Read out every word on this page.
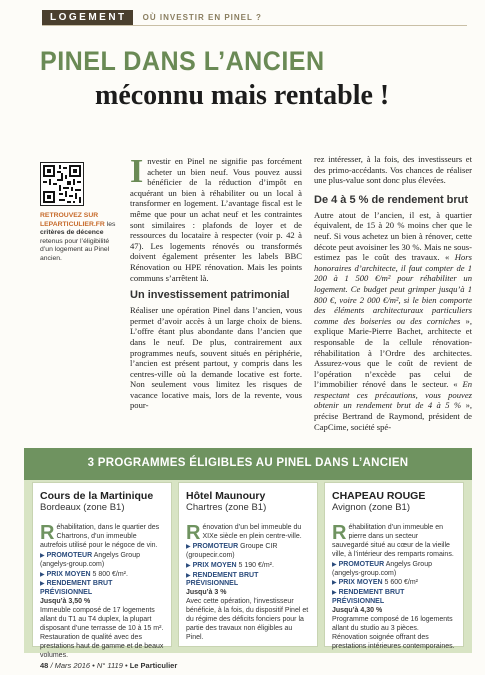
LOGEMENT	OÙ INVESTIR EN PINEL ?
PINEL DANS L’ANCIEN
méconnu mais rentable !
RETROUVEZ SUR LEPARTICULIER.FR les critères de décence retenus pour l’éligibilité d’un logement au Pinel ancien.

Investir en Pinel ne signifie pas forcément acheter un bien neuf. Vous pouvez aussi bénéficier de la réduction d’impôt en acquérant un bien à réhabiliter ou un local à transformer en logement. L’avantage fiscal est le même que pour un achat neuf et les contraintes sont similaires : plafonds de loyer et de ressources du locataire à respecter (voir p. 42 à 47). Les logements rénovés ou transformés doivent également présenter les labels BBC Rénovation ou HPE rénovation. Mais les points communs s’arrêtent là.

Un investissement patrimonial

Réaliser une opération Pinel dans l’ancien, vous permet d’avoir accès à un large choix de biens. L’offre étant plus abondante dans l’ancien que dans le neuf. De plus, contrairement aux programmes neufs, souvent situés en périphérie, l’ancien est présent partout, y compris dans les centres-ville où la demande locative est forte. Non seulement vous limitez les risques de vacance locative mais, lors de la revente, vous pour-

rez intéresser, à la fois, des investisseurs et des primo-accédants. Vos chances de réaliser une plus-value sont donc plus élevées.

De 4 à 5 % de rendement brut

Autre atout de l’ancien, il est, à quartier équivalent, de 15 à 20 % moins cher que le neuf. Si vous achetez un bien à rénover, cette décote peut avoisiner les 30 %. Mais ne sous-estimez pas le coût des travaux. « Hors honoraires d’architecte, il faut compter de 1 200 à 1 500 €/m² pour réhabiliter un logement. Ce budget peut grimper jusqu’à 1 800 €, voire 2 000 €/m², si le bien comporte des éléments architecturaux particuliers comme des boiseries ou des corniches », explique Marie-Pierre Bachet, architecte et responsable de la cellule rénovation-réhabilitation à l’Ordre des architectes. Assurez-vous que le coût de revient de l’opération n’excède pas celui de l’immobilier rénové dans le secteur. « En respectant ces précautions, vous pouvez obtenir un rendement brut de 4 à 5 % », précise Bertrand de Raymond, président de CapCime, société spé-

3 PROGRAMMES ÉLIGIBLES AU PINEL DANS L’ANCIEN
Cours de la Martinique
Bordeaux (zone B1)
Réhabilitation, dans le quartier des Chartrons, d’un immeuble autrefois utilisé pour le négoce de vin.
▶ PROMOTEUR Angelys Group (angelys-group.com)
▶ PRIX MOYEN 5 800 €/m².
▶ RENDEMENT BRUT PRÉVISIONNEL
Jusqu’à 3,50 %
Immeuble composé de 17 logements allant du T1 au T4 duplex, la plupart disposant d’une terrasse de 10 à 15 m². Restauration de qualité avec des prestations haut de gamme et de beaux volumes.
Hôtel Maunoury
Chartres (zone B1)
Rénovation d’un bel immeuble du XIXe siècle en plein centre-ville.
▶ PROMOTEUR Groupe CIR (groupecir.com)
▶ PRIX MOYEN 5 190 €/m².
▶ RENDEMENT BRUT PRÉVISIONNEL
Jusqu’à 3 %
Avec cette opération, l’investisseur bénéficie, à la fois, du dispositif Pinel et du régime des déficits fonciers pour la partie des travaux non éligibles au Pinel.
CHAPEAU ROUGE
Avignon (zone B1)
Réhabilitation d’un immeuble en pierre dans un secteur sauvegardé situé au cœur de la vieille ville, à l’intérieur des remparts romains.
▶ PROMOTEUR Angelys Group (angelys-group.com)
▶ PRIX MOYEN 5 600 €/m²
▶ RENDEMENT BRUT PRÉVISIONNEL
Jusqu’à 4,30 %
Programme composé de 16 logements allant du studio au 3 pièces. Rénovation soignée offrant des prestations intérieures contemporaines.
48 / Mars 2016 • N° 1119 • Le Particulier
